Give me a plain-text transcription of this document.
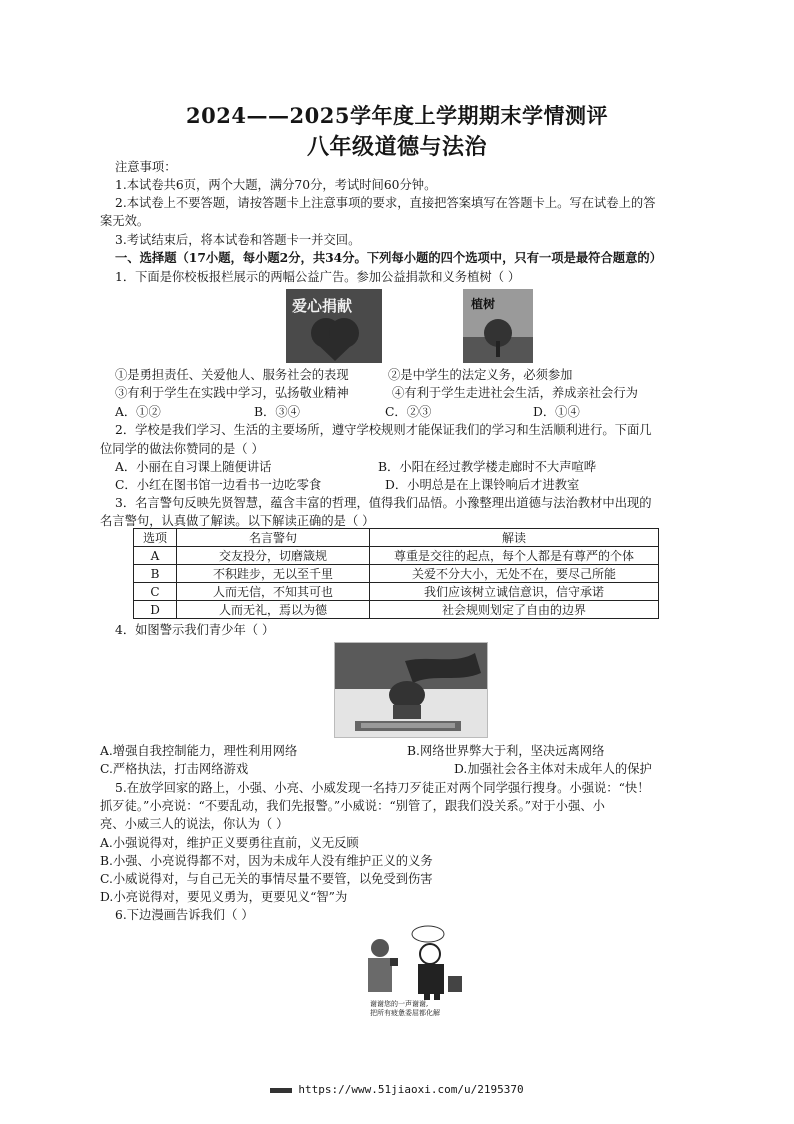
2024——2025学年度上学期期末学情测评
八年级道德与法治
注意事项：
1.本试卷共6页，两个大题，满分70分，考试时间60分钟。
2.本试卷上不要答题，请按答题卡上注意事项的要求，直接把答案填写在答题卡上。写在试卷上的答
案无效。
3.考试结束后，将本试卷和答题卡一并交回。
一、选择题（17小题，每小题2分，共34分。下列每小题的四个选项中，只有一项是最符合题意的）
1．下面是你校板报栏展示的两幅公益广告。参加公益捐款和义务植树（ ）
爱心捐献	植树
①是勇担责任、关爱他人、服务社会的表现	②是中学生的法定义务，必须参加
③有利于学生在实践中学习，弘扬敬业精神	④有利于学生走进社会生活，养成亲社会行为
A．①②	B．③④	C．②③	D．①④
2．学校是我们学习、生活的主要场所，遵守学校规则才能保证我们的学习和生活顺利进行。下面几
位同学的做法你赞同的是（ ）
A．小丽在自习课上随便讲话	B．小阳在经过教学楼走廊时不大声喧哗
C．小红在图书馆一边看书一边吃零食	D．小明总是在上课铃响后才进教室
3．名言警句反映先贤智慧，蕴含丰富的哲理，值得我们品悟。小豫整理出道德与法治教材中出现的
名言警句，认真做了解读。以下解读正确的是（ ）
选项	名言警句	解读
A	交友投分，切磨箴规	尊重是交往的起点，每个人都是有尊严的个体
B	不积跬步，无以至千里	关爱不分大小，无处不在，要尽己所能
C	人而无信，不知其可也	我们应该树立诚信意识，信守承诺
D	人而无礼，焉以为德	社会规则划定了自由的边界
4．如图警示我们青少年（ ）
A.增强自我控制能力，理性利用网络	B.网络世界弊大于利，坚决远离网络
C.严格执法，打击网络游戏	D.加强社会各主体对未成年人的保护
5.在放学回家的路上，小强、小亮、小威发现一名持刀歹徒正对两个同学强行搜身。小强说：“快！
抓歹徒。”小亮说：“不要乱动，我们先报警。”小威说：“别管了，跟我们没关系。”对于小强、小
亮、小威三人的说法，你认为（ ）
A.小强说得对，维护正义要勇往直前，义无反顾
B.小强、小亮说得都不对，因为未成年人没有维护正义的义务
C.小威说得对，与自己无关的事情尽量不要管，以免受到伤害
D.小亮说得对，要见义勇为，更要见义“智”为
6.下边漫画告诉我们（ ）
谢谢您的一声谢谢,
把所有疲惫委屈都化解
https://www.51jiaoxi.com/u/2195370
